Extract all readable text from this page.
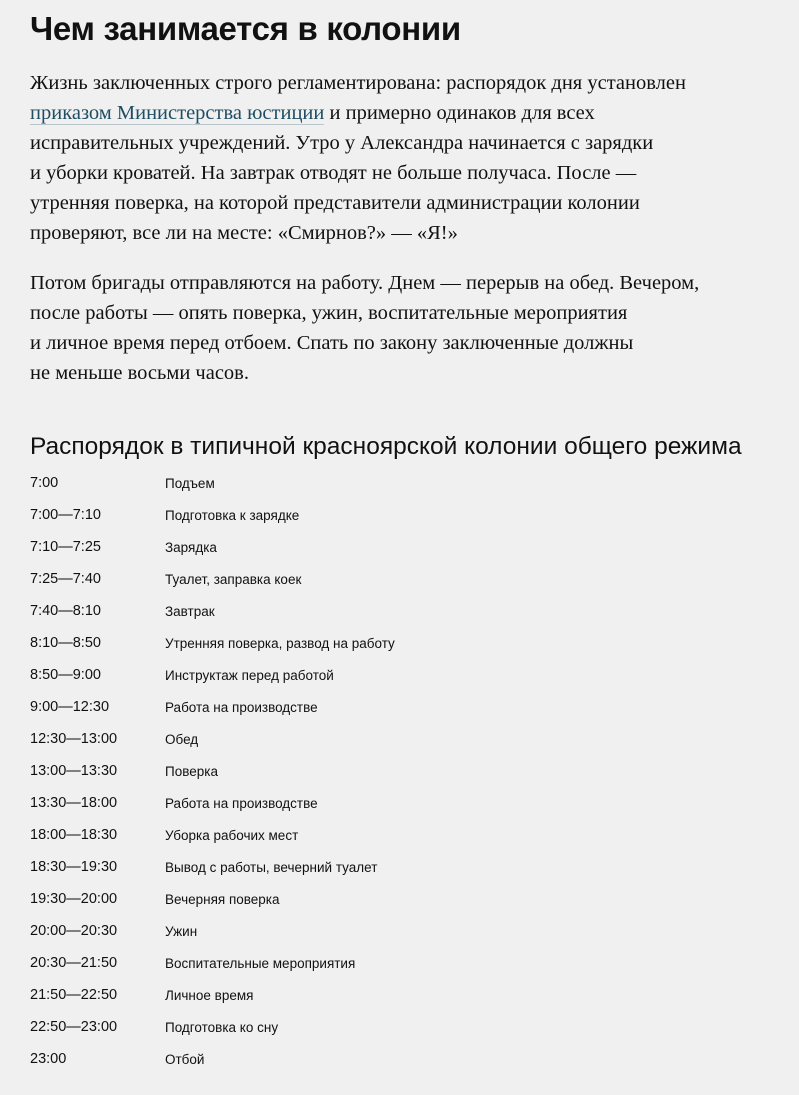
Чем занимается в колонии

Жизнь заключенных строго регламентирована: распорядок дня установлен
приказом Министерства юстиции и примерно одинаков для всех
исправительных учреждений. Утро у Александра начинается с зарядки
и уборки кроватей. На завтрак отводят не больше получаса. После —
утренняя поверка, на которой представители администрации колонии
проверяют, все ли на месте: «Смирнов?» — «Я!»

Потом бригады отправляются на работу. Днем — перерыв на обед. Вечером,
после работы — опять поверка, ужин, воспитательные мероприятия
и личное время перед отбоем. Спать по закону заключенные должны
не меньше восьми часов.

Распорядок в типичной красноярской колонии общего режима
7:00	Подъем
7:00—7:10	Подготовка к зарядке
7:10—7:25	Зарядка
7:25—7:40	Туалет, заправка коек
7:40—8:10	Завтрак
8:10—8:50	Утренняя поверка, развод на работу
8:50—9:00	Инструктаж перед работой
9:00—12:30	Работа на производстве
12:30—13:00	Обед
13:00—13:30	Поверка
13:30—18:00	Работа на производстве
18:00—18:30	Уборка рабочих мест
18:30—19:30	Вывод с работы, вечерний туалет
19:30—20:00	Вечерняя поверка
20:00—20:30	Ужин
20:30—21:50	Воспитательные мероприятия
21:50—22:50	Личное время
22:50—23:00	Подготовка ко сну
23:00	Отбой
